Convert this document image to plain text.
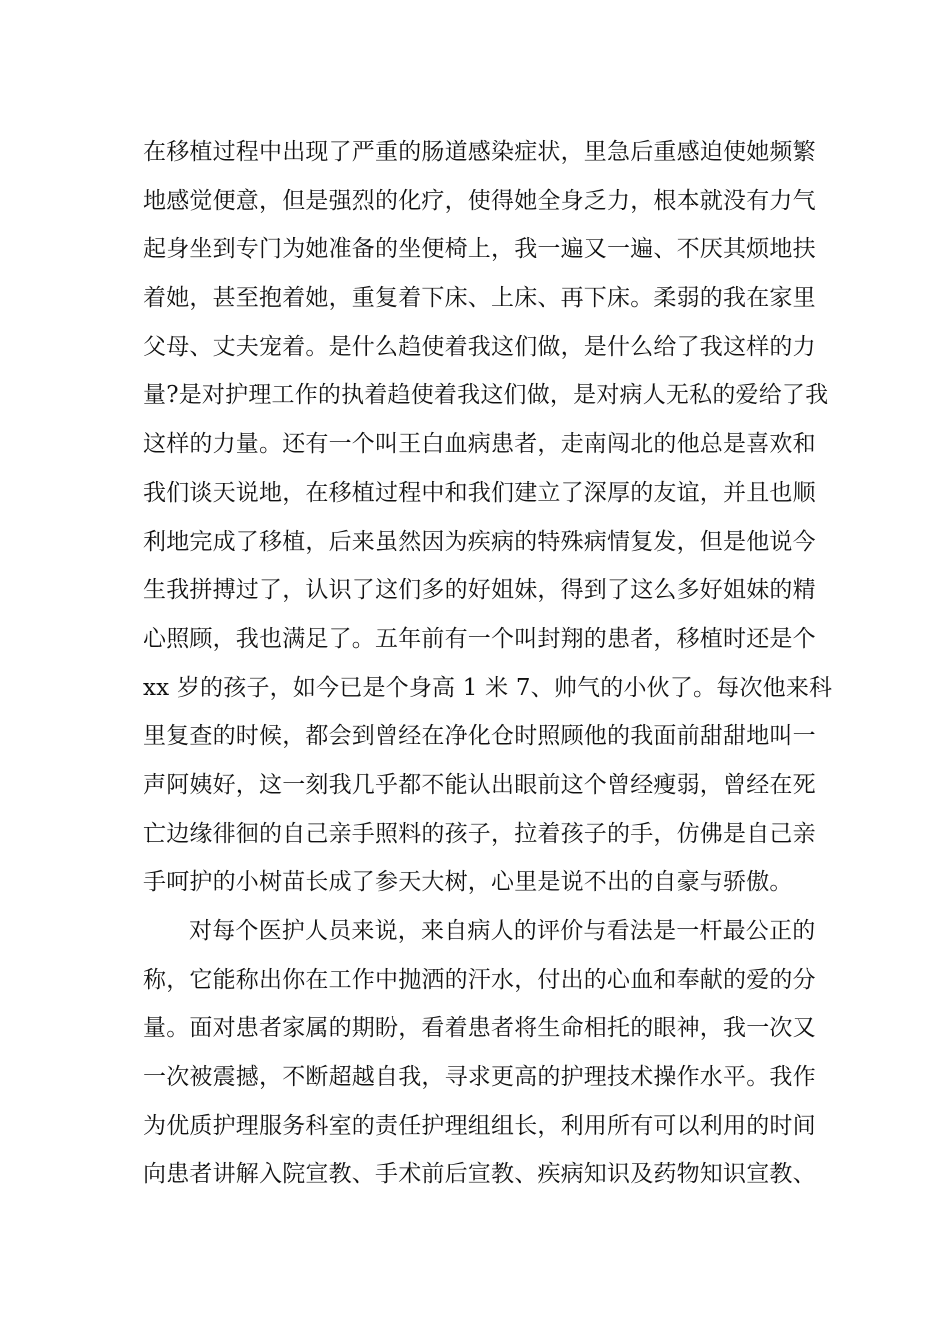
在移植过程中出现了严重的肠道感染症状，里急后重感迫使她频繁
地感觉便意，但是强烈的化疗，使得她全身乏力，根本就没有力气
起身坐到专门为她准备的坐便椅上，我一遍又一遍、不厌其烦地扶
着她，甚至抱着她，重复着下床、上床、再下床。柔弱的我在家里
父母、丈夫宠着。是什么趋使着我这们做，是什么给了我这样的力
量?是对护理工作的执着趋使着我这们做，是对病人无私的爱给了我
这样的力量。还有一个叫王白血病患者，走南闯北的他总是喜欢和
我们谈天说地，在移植过程中和我们建立了深厚的友谊，并且也顺
利地完成了移植，后来虽然因为疾病的特殊病情复发，但是他说今
生我拼搏过了，认识了这们多的好姐妹，得到了这么多好姐妹的精
心照顾，我也满足了。五年前有一个叫封翔的患者，移植时还是个
xx 岁的孩子，如今已是个身高 1 米 7、帅气的小伙了。每次他来科
里复查的时候，都会到曾经在净化仓时照顾他的我面前甜甜地叫一
声阿姨好，这一刻我几乎都不能认出眼前这个曾经瘦弱，曾经在死
亡边缘徘徊的自己亲手照料的孩子，拉着孩子的手，仿佛是自己亲
手呵护的小树苗长成了参天大树，心里是说不出的自豪与骄傲。
对每个医护人员来说，来自病人的评价与看法是一杆最公正的
称，它能称出你在工作中抛洒的汗水，付出的心血和奉献的爱的分
量。面对患者家属的期盼，看着患者将生命相托的眼神，我一次又
一次被震撼，不断超越自我，寻求更高的护理技术操作水平。我作
为优质护理服务科室的责任护理组组长，利用所有可以利用的时间
向患者讲解入院宣教、手术前后宣教、疾病知识及药物知识宣教、
